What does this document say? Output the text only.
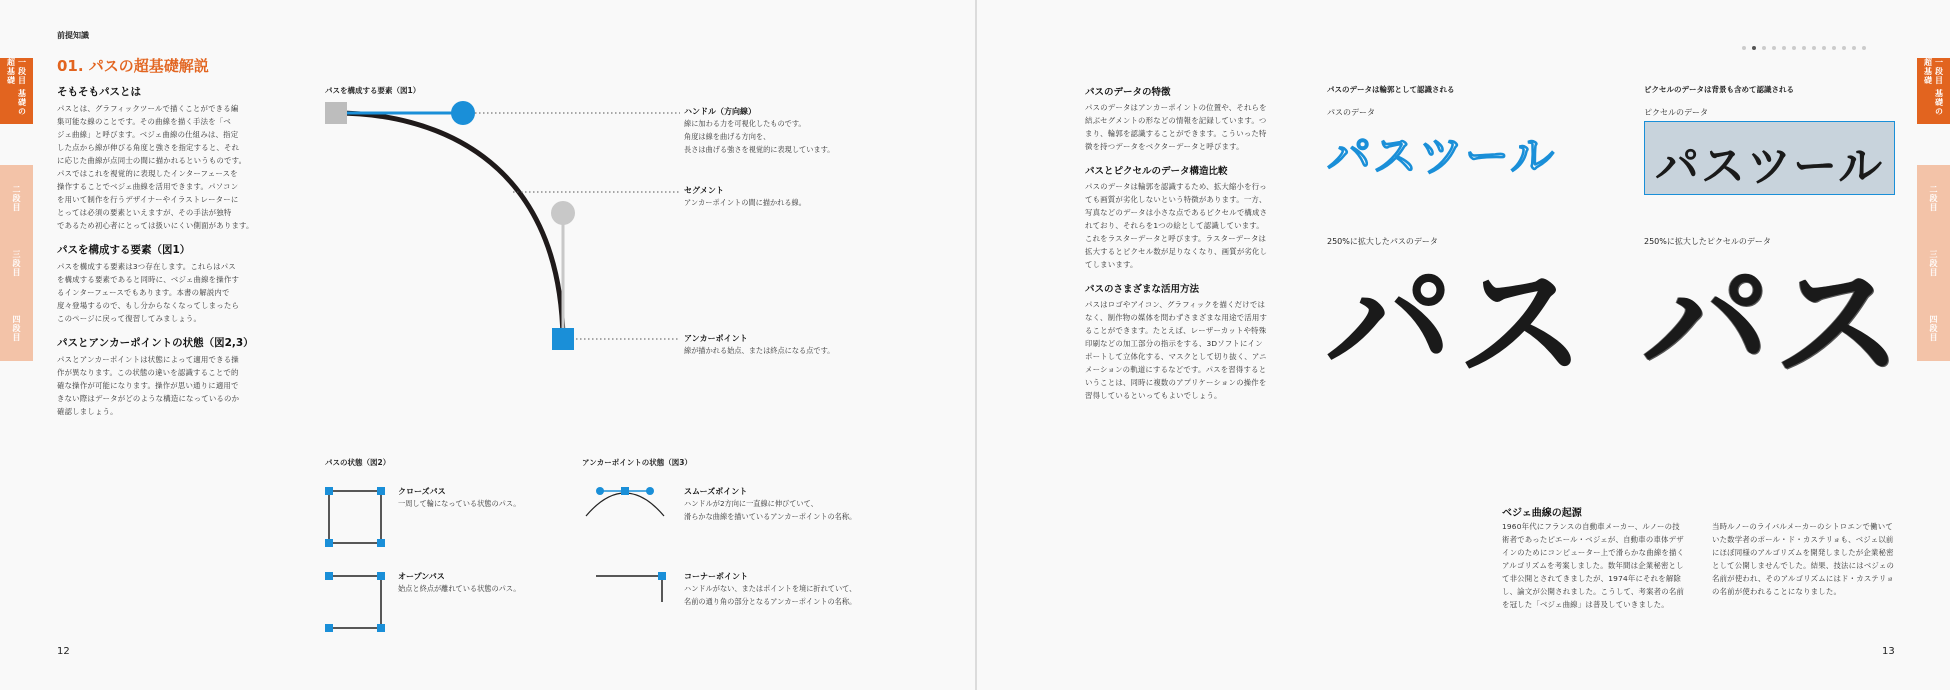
前提知識
01. パスの超基礎解説
一段目 基礎の超基礎
二段目
三段目
四段目
そもそもパスとは
パスとは、グラフィックツールで描くことができる編
集可能な線のことです。その曲線を描く手法を「ベ
ジェ曲線」と呼びます。ベジェ曲線の仕組みは、指定
した点から線が伸びる角度と強さを指定すると、それ
に応じた曲線が点同士の間に描かれるというものです。
パスではこれを視覚的に表現したインターフェースを
操作することでベジェ曲線を活用できます。パソコン
を用いて制作を行うデザイナーやイラストレーターに
とっては必須の要素といえますが、その手法が独特
であるため初心者にとっては扱いにくい側面があります。
パスを構成する要素（図1）
パスを構成する要素は3つ存在します。これらはパス
を構成する要素であると同時に、ベジェ曲線を操作す
るインターフェースでもあります。本書の解説内で
度々登場するので、もし分からなくなってしまったら
このページに戻って復習してみましょう。
パスとアンカーポイントの状態（図2,3）
パスとアンカーポイントは状態によって適用できる操
作が異なります。この状態の違いを認識することで的
確な操作が可能になります。操作が思い通りに適用で
きない際はデータがどのような構造になっているのか
確認しましょう。
パスを構成する要素（図1）
ハンドル（方向線）
線に加わる力を可視化したものです。
角度は線を曲げる方向を、
長さは曲げる強さを視覚的に表現しています。
セグメント
アンカーポイントの間に描かれる線。
アンカーポイント
線が描かれる始点、または終点になる点です。
パスの状態（図2）
クローズパス
一周して輪になっている状態のパス。
オープンパス
始点と終点が離れている状態のパス。
アンカーポイントの状態（図3）
スムーズポイント
ハンドルが2方向に一直線に伸びていて、
滑らかな曲線を描いているアンカーポイントの名称。
コーナーポイント
ハンドルがない、またはポイントを境に折れていて、
名前の通り角の部分となるアンカーポイントの名称。
12
一段目 基礎の超基礎
二段目
三段目
四段目
パスのデータの特徴
パスのデータはアンカーポイントの位置や、それらを
結ぶセグメントの形などの情報を記録しています。つ
まり、輪郭を認識することができます。こういった特
徴を持つデータをベクターデータと呼びます。
パスとピクセルのデータ構造比較
パスのデータは輪郭を認識するため、拡大縮小を行っ
ても画質が劣化しないという特徴があります。一方、
写真などのデータは小さな点であるピクセルで構成さ
れており、それらを1つの絵として認識しています。
これをラスターデータと呼びます。ラスターデータは
拡大するとピクセル数が足りなくなり、画質が劣化し
てしまいます。
パスのさまざまな活用方法
パスはロゴやアイコン、グラフィックを描くだけでは
なく、制作物の媒体を問わずさまざまな用途で活用す
ることができます。たとえば、レーザーカットや特殊
印刷などの加工部分の指示をする、3Dソフトにイン
ポートして立体化する、マスクとして切り抜く、アニ
メーションの軌道にするなどです。パスを習得すると
いうことは、同時に複数のアプリケーションの操作を
習得しているといってもよいでしょう。
パスのデータは輪郭として認識される
パスのデータ
パスツール
ピクセルのデータは背景も含めて認識される
ピクセルのデータ
パスツール
250%に拡大したパスのデータ
パス
250%に拡大したピクセルのデータ
パス
ベジェ曲線の起源
1960年代にフランスの自動車メーカー、ルノーの技
術者であったピエール・ベジェが、自動車の車体デザ
インのためにコンピューター上で滑らかな曲線を描く
アルゴリズムを考案しました。数年間は企業秘密とし
て非公開とされてきましたが、1974年にそれを解除
し、論文が公開されました。こうして、考案者の名前
を冠した「ベジェ曲線」は普及していきました。
当時ルノーのライバルメーカーのシトロエンで働いて
いた数学者のポール・ド・カステリョも、ベジェ以前
にほぼ同様のアルゴリズムを開発しましたが企業秘密
として公開しませんでした。結果、技法にはベジェの
名前が使われ、そのアルゴリズムにはド・カステリョ
の名前が使われることになりました。
13
